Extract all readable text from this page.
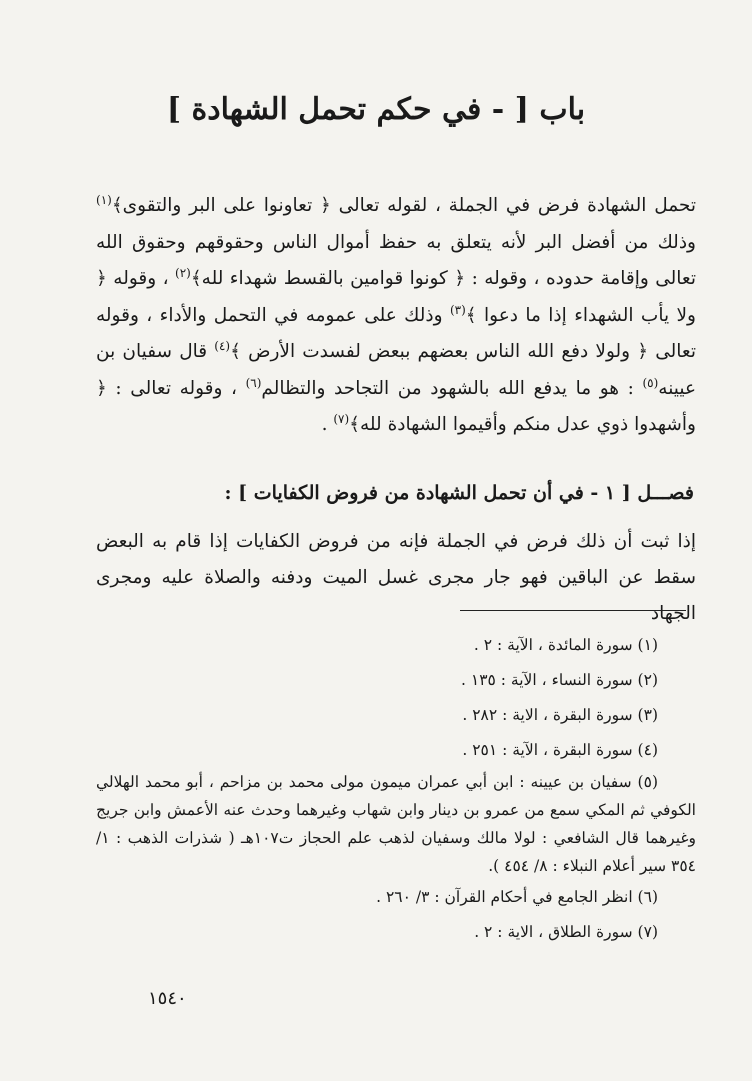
باب [ - في حكم تحمل الشهادة ]
تحمل الشهادة فرض في الجملة ، لقوله تعالى ﴿ تعاونوا على البر والتقوى﴾$^{(١)}$ وذلك من أفضل البر لأنه يتعلق به حفظ أموال الناس وحقوقهم وحقوق الله تعالى وإقامة حدوده ، وقوله : ﴿ كونوا قوامين بالقسط شهداء لله﴾$^{(٢)}$ ، وقوله ﴿ ولا يأب الشهداء إذا ما دعوا ﴾$^{(٣)}$ وذلك على عمومه في التحمل والأداء ، وقوله تعالى ﴿ ولولا دفع الله الناس بعضهم ببعض لفسدت الأرض ﴾$^{(٤)}$ قال سفيان بن عيينه$^{(٥)}$ : هو ما يدفع الله بالشهود من التجاحد والتظالم$^{(٦)}$ ، وقوله تعالى : ﴿ وأشهدوا ذوي عدل منكم وأقيموا الشهادة لله﴾$^{(٧)}$ .
فصـــل [ ١ - في أن تحمل الشهادة من فروض الكفايات ] :
إذا ثبت أن ذلك فرض في الجملة فإنه من فروض الكفايات إذا قام به البعض سقط عن الباقين فهو جار مجرى غسل الميت ودفنه والصلاة عليه ومجرى الجهاد
(١) سورة المائدة ، الآية : ٢ .
(٢) سورة النساء ، الآية : ١٣٥ .
(٣) سورة البقرة ، الاية : ٢٨٢ .
(٤) سورة البقرة ، الآية : ٢٥١ .
(٥) سفيان بن عيينه : ابن أبي عمران ميمون مولى محمد بن مزاحم ، أبو محمد الهلالي الكوفي ثم المكي سمع من عمرو بن دينار وابن شهاب وغيرهما وحدث عنه الأعمش وابن جريج وغيرهما قال الشافعي : لولا مالك وسفيان لذهب علم الحجاز ت١٠٧هـ ( شذرات الذهب : ١/ ٣٥٤ سير أعلام النبلاء : ٨/ ٤٥٤ ).
(٦) انظر الجامع في أحكام القرآن : ٣/ ٢٦٠ .
(٧) سورة الطلاق ، الاية : ٢ .
١٥٤٠
